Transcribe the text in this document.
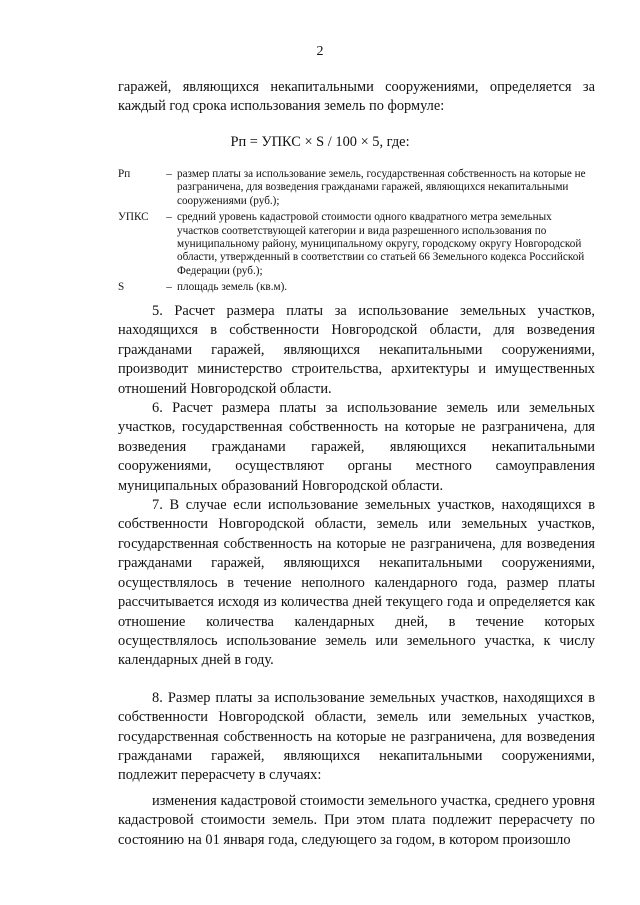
2

гаражей, являющихся некапитальными сооружениями, определяется за каждый год срока использования земель по формуле:

Рп = УПКС × S / 100 × 5, где:
Рп	– размер платы за использование земель, государственная собственность на которые не разграничена, для возведения гражданами гаражей, являющихся некапитальными сооружениями (руб.);
УПКС	– средний уровень кадастровой стоимости одного квадратного метра земельных участков соответствующей категории и вида разрешенного использования по муниципальному району, муниципальному округу, городскому округу Новгородской области, утвержденный в соответствии со статьей 66 Земельного кодекса Российской Федерации (руб.);
S	– площадь земель (кв.м).

5. Расчет размера платы за использование земельных участков, находящихся в собственности Новгородской области, для возведения гражданами гаражей, являющихся некапитальными сооружениями, производит министерство строительства, архитектуры и имущественных отношений Новгородской области.

6. Расчет размера платы за использование земель или земельных участков, государственная собственность на которые не разграничена, для возведения гражданами гаражей, являющихся некапитальными сооружениями, осуществляют органы местного самоуправления муниципальных образований Новгородской области.

7. В случае если использование земельных участков, находящихся в собственности Новгородской области, земель или земельных участков, государственная собственность на которые не разграничена, для возведения гражданами гаражей, являющихся некапитальными сооружениями, осуществлялось в течение неполного календарного года, размер платы рассчитывается исходя из количества дней текущего года и определяется как отношение количества календарных дней, в течение которых осуществлялось использование земель или земельного участка, к числу календарных дней в году.

8. Размер платы за использование земельных участков, находящихся в собственности Новгородской области, земель или земельных участков, государственная собственность на которые не разграничена, для возведения гражданами гаражей, являющихся некапитальными сооружениями, подлежит перерасчету в случаях:

изменения кадастровой стоимости земельного участка, среднего уровня кадастровой стоимости земель. При этом плата подлежит перерасчету по состоянию на 01 января года, следующего за годом, в котором произошло
